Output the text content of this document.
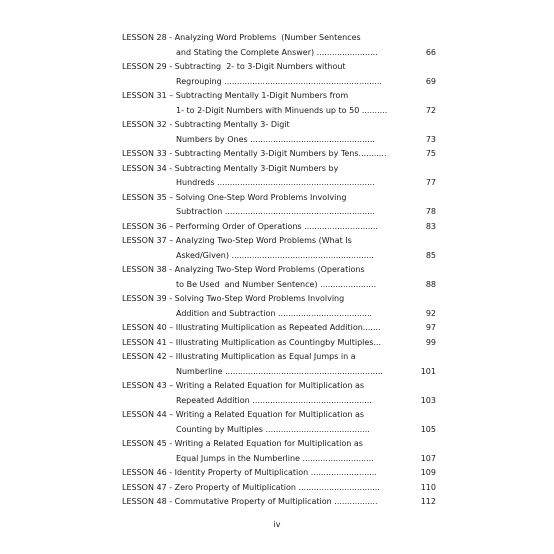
LESSON 28 - Analyzing Word Problems  (Number Sentences
and Stating the Complete Answer) ........................	66
LESSON 29 - Subtracting  2- to 3-Digit Numbers without
Regrouping ..............................................................	69
LESSON 31 – Subtracting Mentally 1-Digit Numbers from
1- to 2-Digit Numbers with Minuends up to 50 ..........	72
LESSON 32 - Subtracting Mentally 3- Digit
Numbers by Ones .................................................	73
LESSON 33 - Subtracting Mentally 3-Digit Numbers by Tens...........	75
LESSON 34 - Subtracting Mentally 3-Digit Numbers by
Hundreds ..............................................................	77
LESSON 35 – Solving One-Step Word Problems Involving
Subtraction ...........................................................	78
LESSON 36 – Performing Order of Operations .............................	83
LESSON 37 – Analyzing Two-Step Word Problems (What Is
Asked/Given) ........................................................	85
LESSON 38 - Analyzing Two-Step Word Problems (Operations
to Be Used  and Number Sentence) ......................	88
LESSON 39 - Solving Two-Step Word Problems Involving
Addition and Subtraction .....................................	92
LESSON 40 – Illustrating Multiplication as Repeated Addition.......	97
LESSON 41 – Illustrating Multiplication as Countingby Multiples...	99
LESSON 42 – Illustrating Multiplication as Equal Jumps in a
Numberline ..............................................................	101
LESSON 43 – Writing a Related Equation for Multiplication as
Repeated Addition ...............................................	103
LESSON 44 – Writing a Related Equation for Multiplication as
Counting by Multiples .........................................	105
LESSON 45 - Writing a Related Equation for Multiplication as
Equal Jumps in the Numberline ............................	107
LESSON 46 - Identity Property of Multiplication ..........................	109
LESSON 47 - Zero Property of Multiplication ................................	110
LESSON 48 - Commutative Property of Multiplication .................	112
iv
